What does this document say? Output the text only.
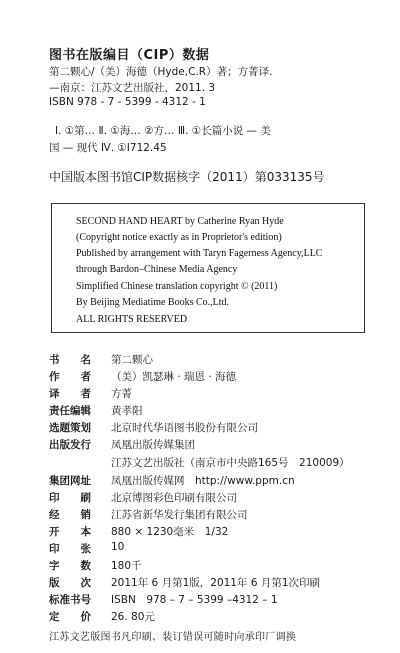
图书在版编目（CIP）数据
第二颗心/（美）海德（Hyde,C.R）著；方菁译.
—南京：江苏文艺出版社，2011. 3
ISBN 978 - 7 - 5399 - 4312 - 1
Ⅰ. ①第… Ⅱ. ①海… ②方… Ⅲ. ①长篇小说 — 美
国 — 现代 Ⅳ. ①I712.45
中国版本图书馆CIP数据核字（2011）第033135号
SECOND HAND HEART by Catherine Ryan Hyde
(Copyright notice exactly as in Proprietor's edition)
Published by arrangement with Taryn Fagerness Agency,LLC
through Bardon–Chinese Media Agency
Simplified Chinese translation copyright © (2011)
By Beijing Mediatime Books Co.,Ltd.
ALL RIGHTS RESERVED
书　　名	第二颗心
作　　者	（美）凯瑟琳 · 瑞恩 · 海德
译　　者	方菁
责任编辑	黄孝阳
选题策划	北京时代华语图书股份有限公司
出版发行	凤凰出版传媒集团
江苏文艺出版社（南京市中央路165号　210009）
集团网址	凤凰出版传媒网　http://www.ppm.cn
印　　刷	北京博图彩色印刷有限公司
经　　销	江苏省新华发行集团有限公司
开　　本	880 × 1230毫米　1/32
印　　张	10
字　　数	180千
版　　次	2011年 6 月第1版，2011年 6 月第1次印刷
标准书号	ISBN　978 – 7 – 5399 –4312 – 1
定　　价	26. 80元
江苏文艺版图书凡印刷、装订错误可随时向承印厂调换
